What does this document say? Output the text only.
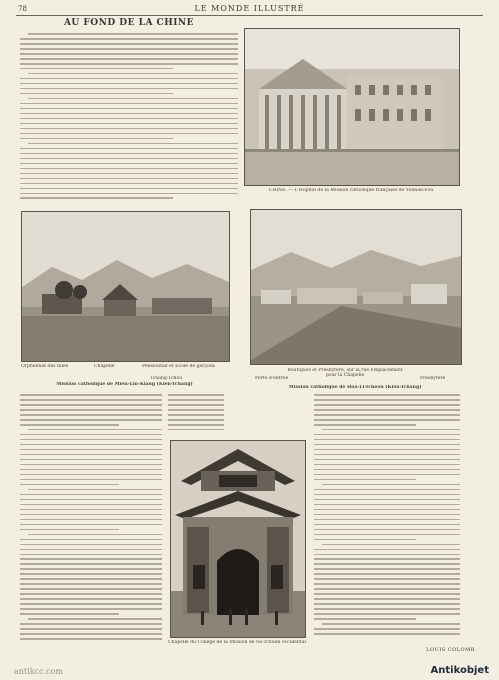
78	LE MONDE ILLUSTRÉ
AU FOND DE LA CHINE
CHINE. — L'Hôpital de la Mission catholique française de Yunnan-Fou
Orphelinat des filles	Chapelle	Pensionnat et École de garçons
Tchang-Tchou
Mission catholique de Mien-Lin-Kiang (Kien-Tchang)
Porte d'entrée
Boutiques et Presbytère, sur la rue Emplacement pour la Chapelle
Presbytère
Mission catholique de Hoa-Li-Tchéou (Kien-Tchang)
Chapelle du Collège de la Mission de Su-Tchuen occidental
LOUIS COLOMB.
antikcc.com	Antikobjet
